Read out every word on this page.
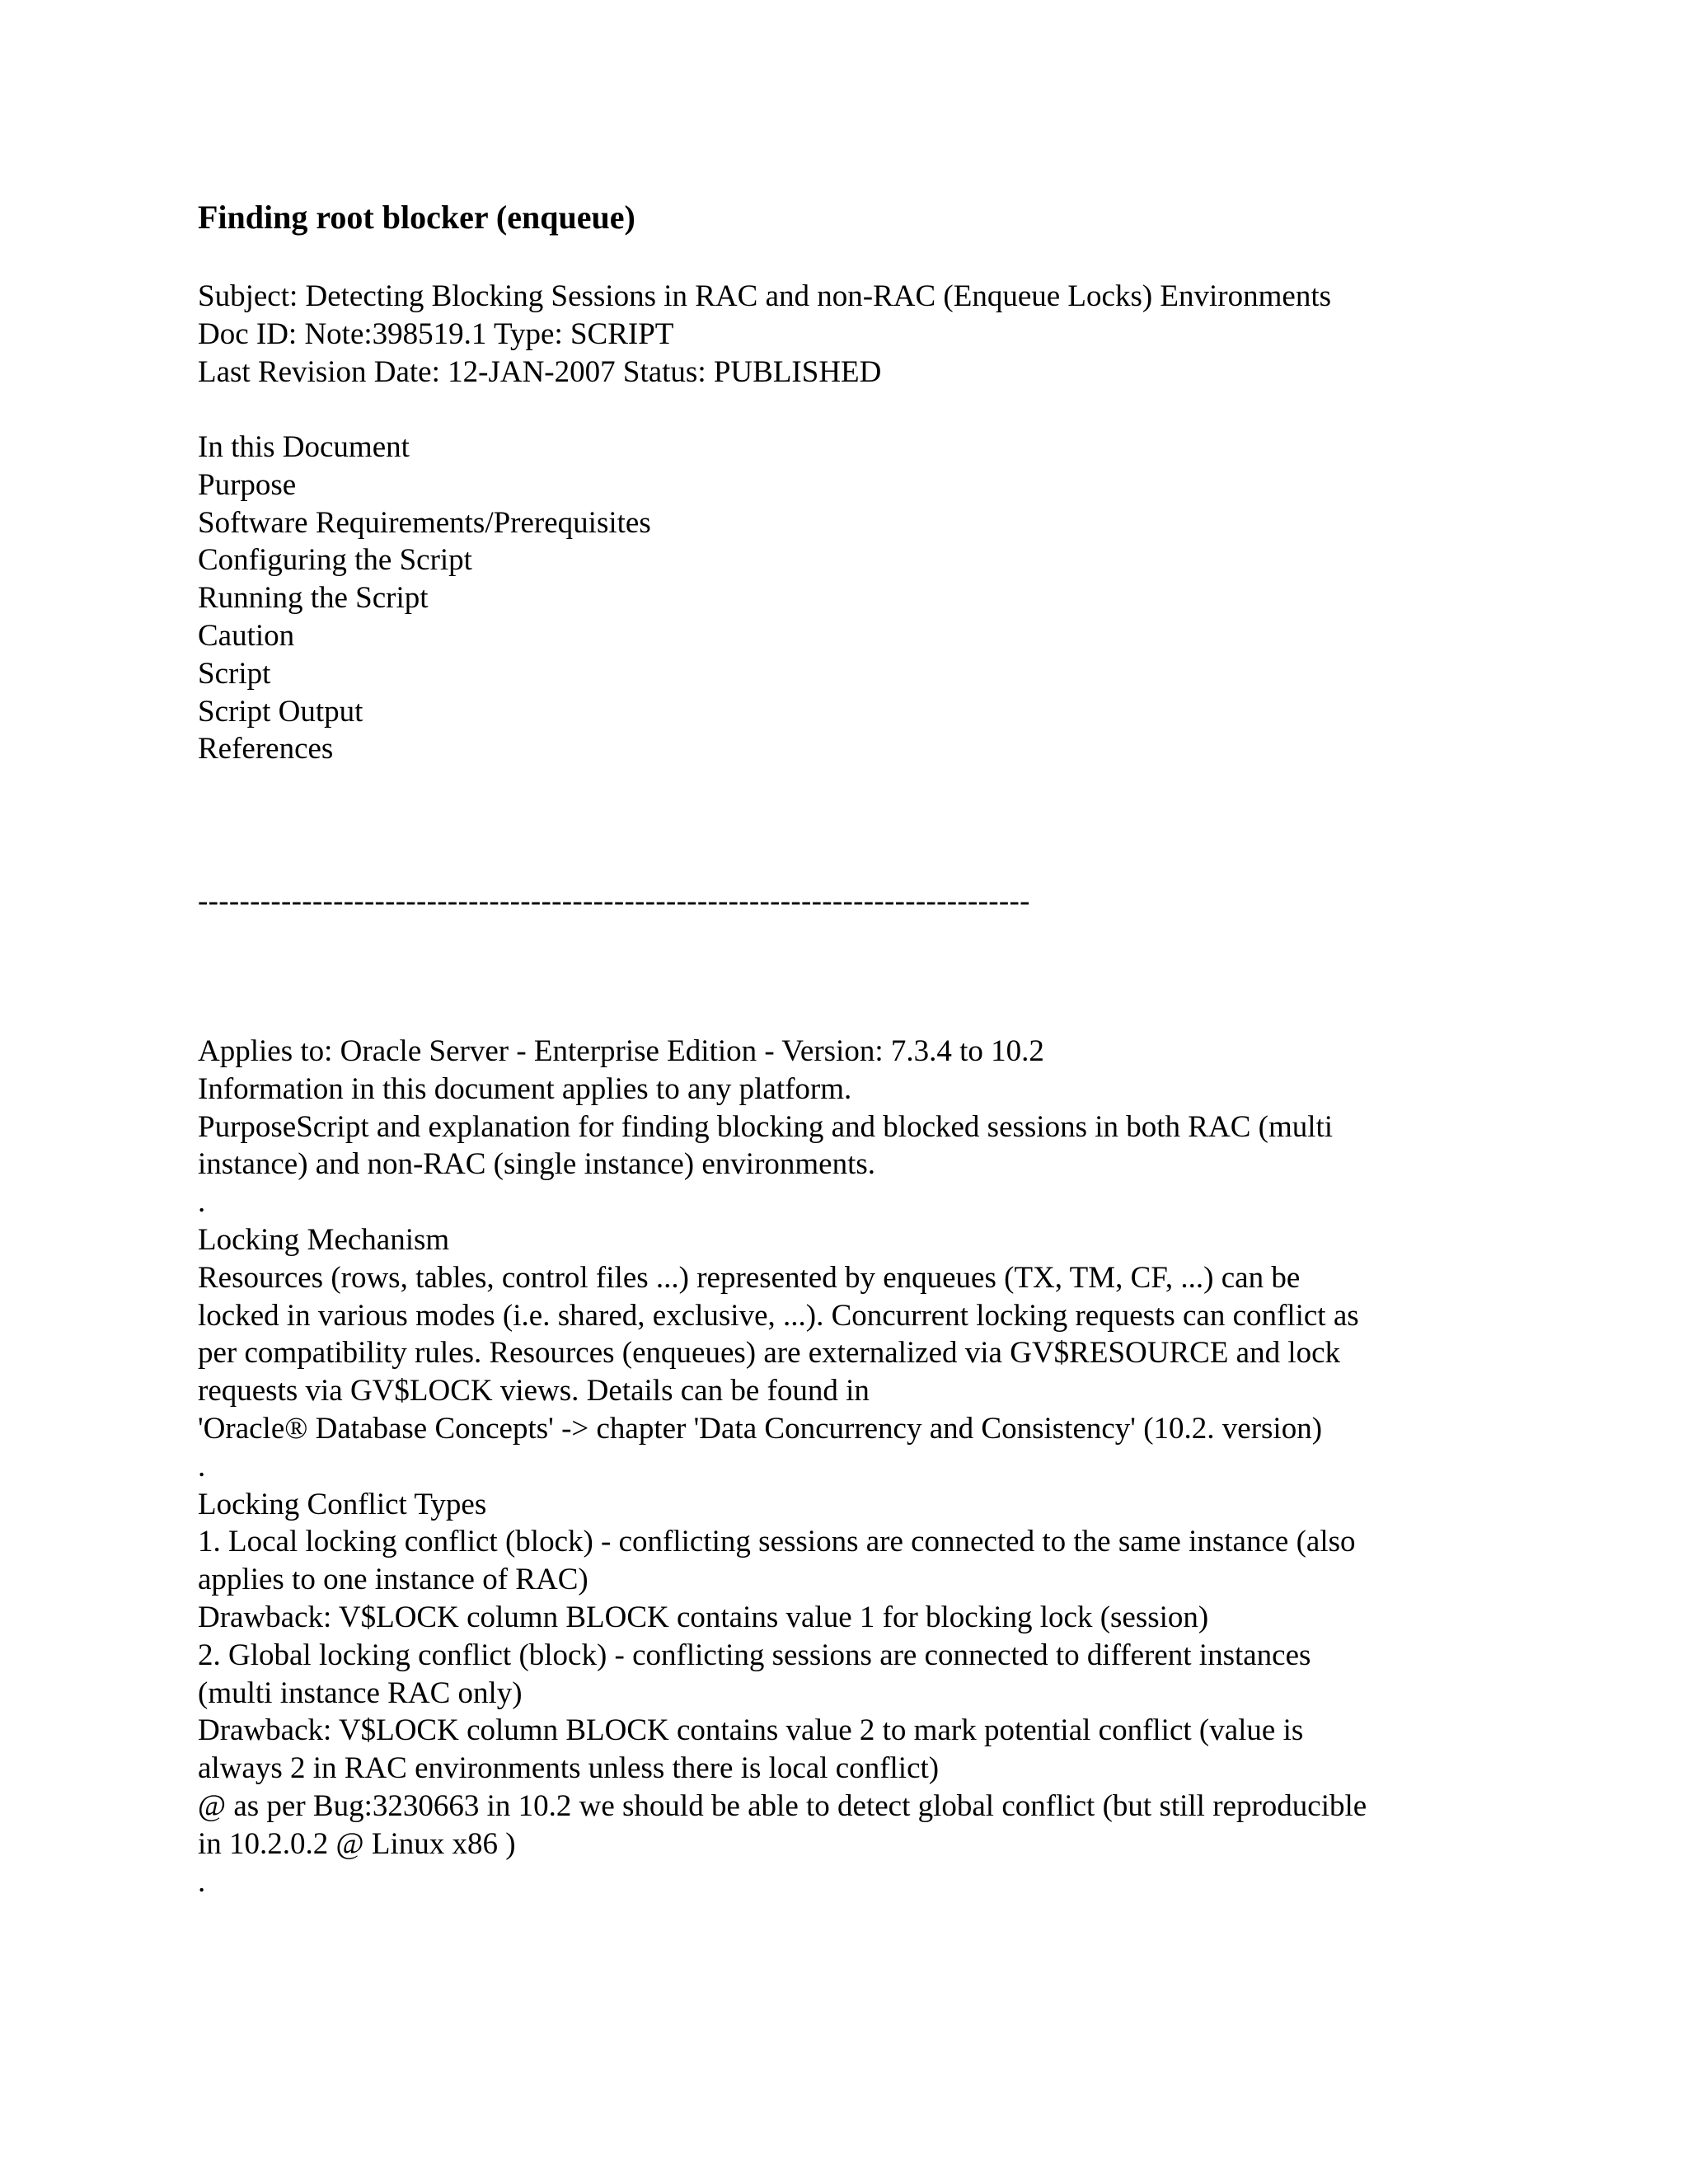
Finding root blocker (enqueue)
Subject: Detecting Blocking Sessions in RAC and non-RAC (Enqueue Locks) Environments
Doc ID: Note:398519.1 Type: SCRIPT
Last Revision Date: 12-JAN-2007 Status: PUBLISHED
In this Document
Purpose
Software Requirements/Prerequisites
Configuring the Script
Running the Script
Caution
Script
Script Output
References
--------------------------------------------------------------------------------
Applies to: Oracle Server - Enterprise Edition - Version: 7.3.4 to 10.2
Information in this document applies to any platform.
PurposeScript and explanation for finding blocking and blocked sessions in both RAC (multi
instance) and non-RAC (single instance) environments.
.
Locking Mechanism
Resources (rows, tables, control files ...) represented by enqueues (TX, TM, CF, ...) can be
locked in various modes (i.e. shared, exclusive, ...). Concurrent locking requests can conflict as
per compatibility rules. Resources (enqueues) are externalized via GV$RESOURCE and lock
requests via GV$LOCK views. Details can be found in
'Oracle® Database Concepts' -> chapter 'Data Concurrency and Consistency' (10.2. version)
.
Locking Conflict Types
1. Local locking conflict (block) - conflicting sessions are connected to the same instance (also
applies to one instance of RAC)
Drawback: V$LOCK column BLOCK contains value 1 for blocking lock (session)
2. Global locking conflict (block) - conflicting sessions are connected to different instances
(multi instance RAC only)
Drawback: V$LOCK column BLOCK contains value 2 to mark potential conflict (value is
always 2 in RAC environments unless there is local conflict)
@ as per Bug:3230663 in 10.2 we should be able to detect global conflict (but still reproducible
in 10.2.0.2 @ Linux x86 )
.
